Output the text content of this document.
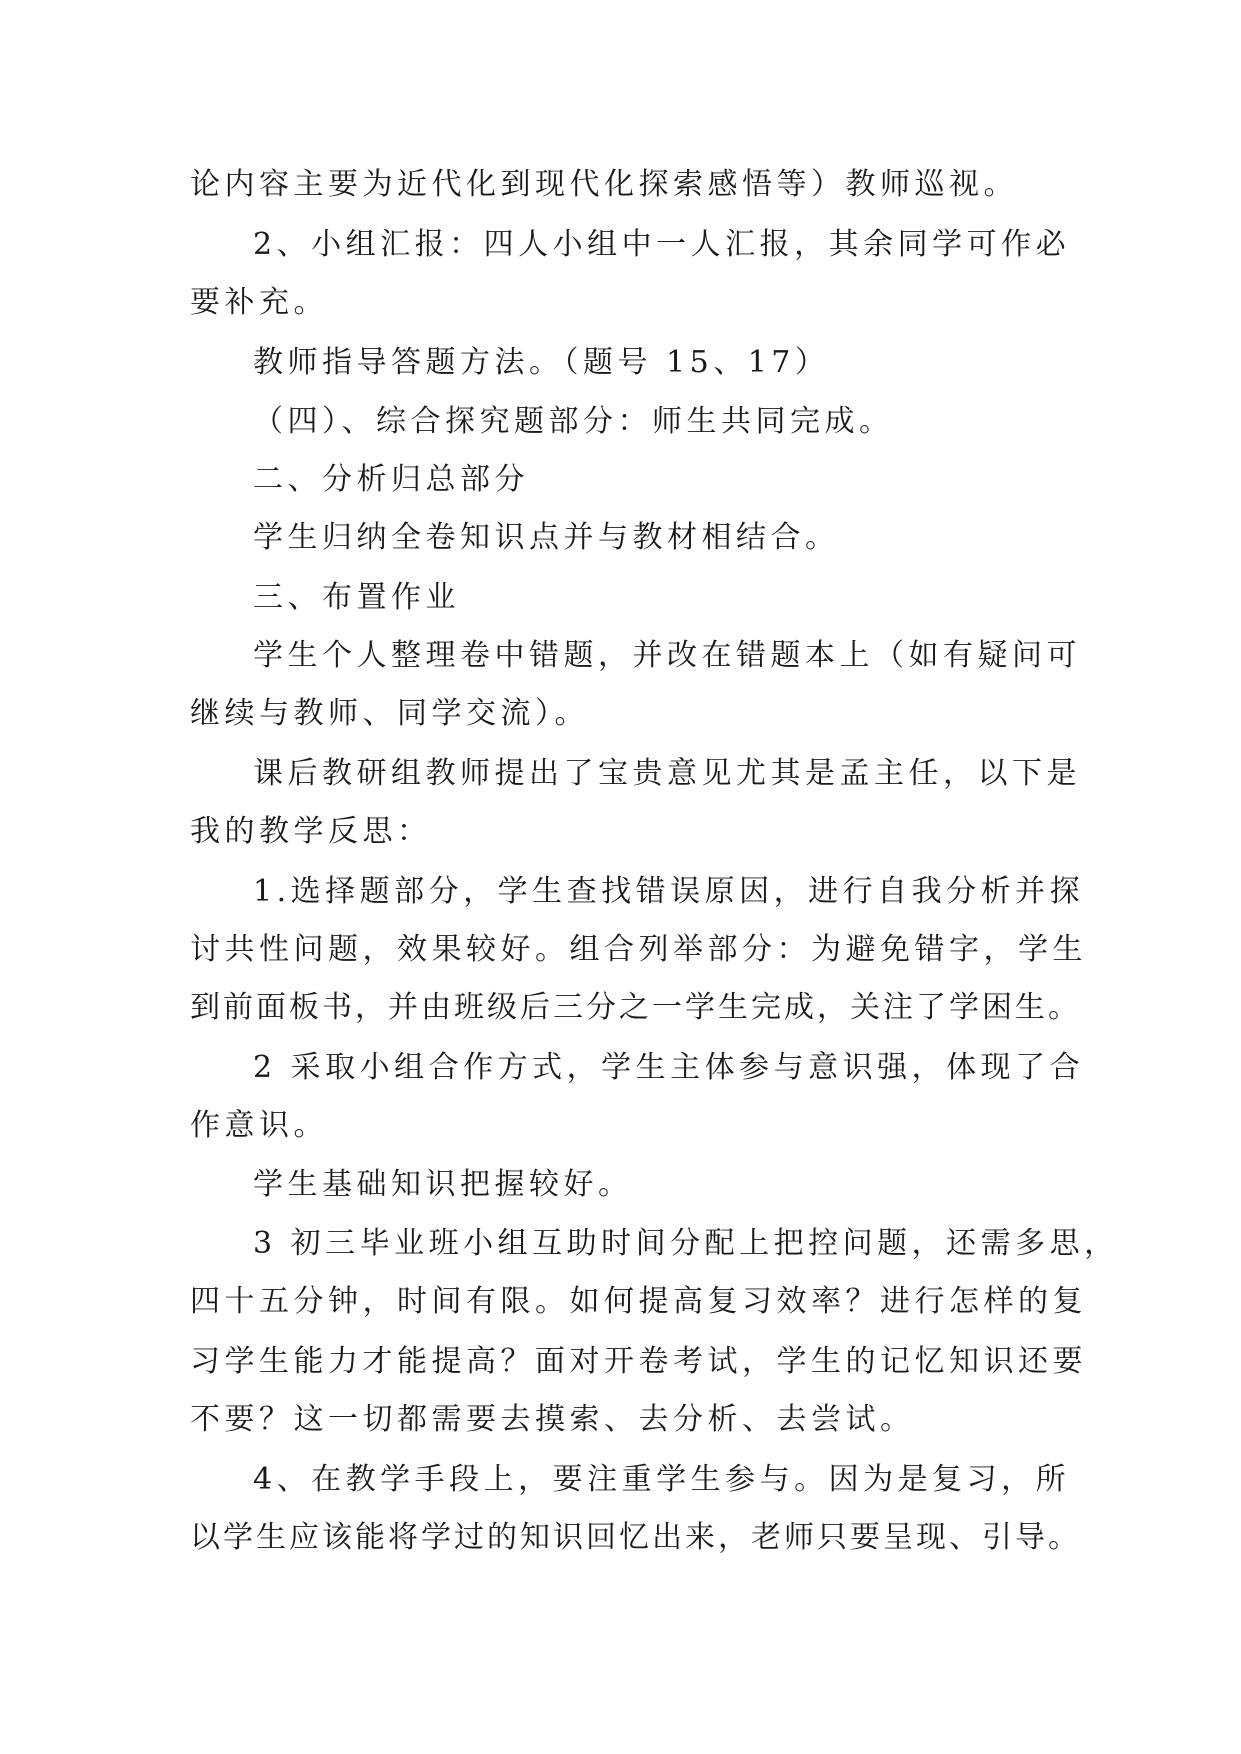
论内容主要为近代化到现代化探索感悟等）教师巡视。
2、小组汇报：四人小组中一人汇报，其余同学可作必
要补充。
教师指导答题方法。（题号 15、17）
（四）、综合探究题部分：师生共同完成。
二、分析归总部分
学生归纳全卷知识点并与教材相结合。
三、布置作业
学生个人整理卷中错题，并改在错题本上（如有疑问可
继续与教师、同学交流）。
课后教研组教师提出了宝贵意见尤其是孟主任，以下是
我的教学反思：
1.选择题部分，学生查找错误原因，进行自我分析并探
讨共性问题，效果较好。组合列举部分：为避免错字，学生
到前面板书，并由班级后三分之一学生完成，关注了学困生。
2 采取小组合作方式，学生主体参与意识强，体现了合
作意识。
学生基础知识把握较好。
3 初三毕业班小组互助时间分配上把控问题，还需多思，
四十五分钟，时间有限。如何提高复习效率？进行怎样的复
习学生能力才能提高？面对开卷考试，学生的记忆知识还要
不要？这一切都需要去摸索、去分析、去尝试。
4、在教学手段上，要注重学生参与。因为是复习，所
以学生应该能将学过的知识回忆出来，老师只要呈现、引导。
